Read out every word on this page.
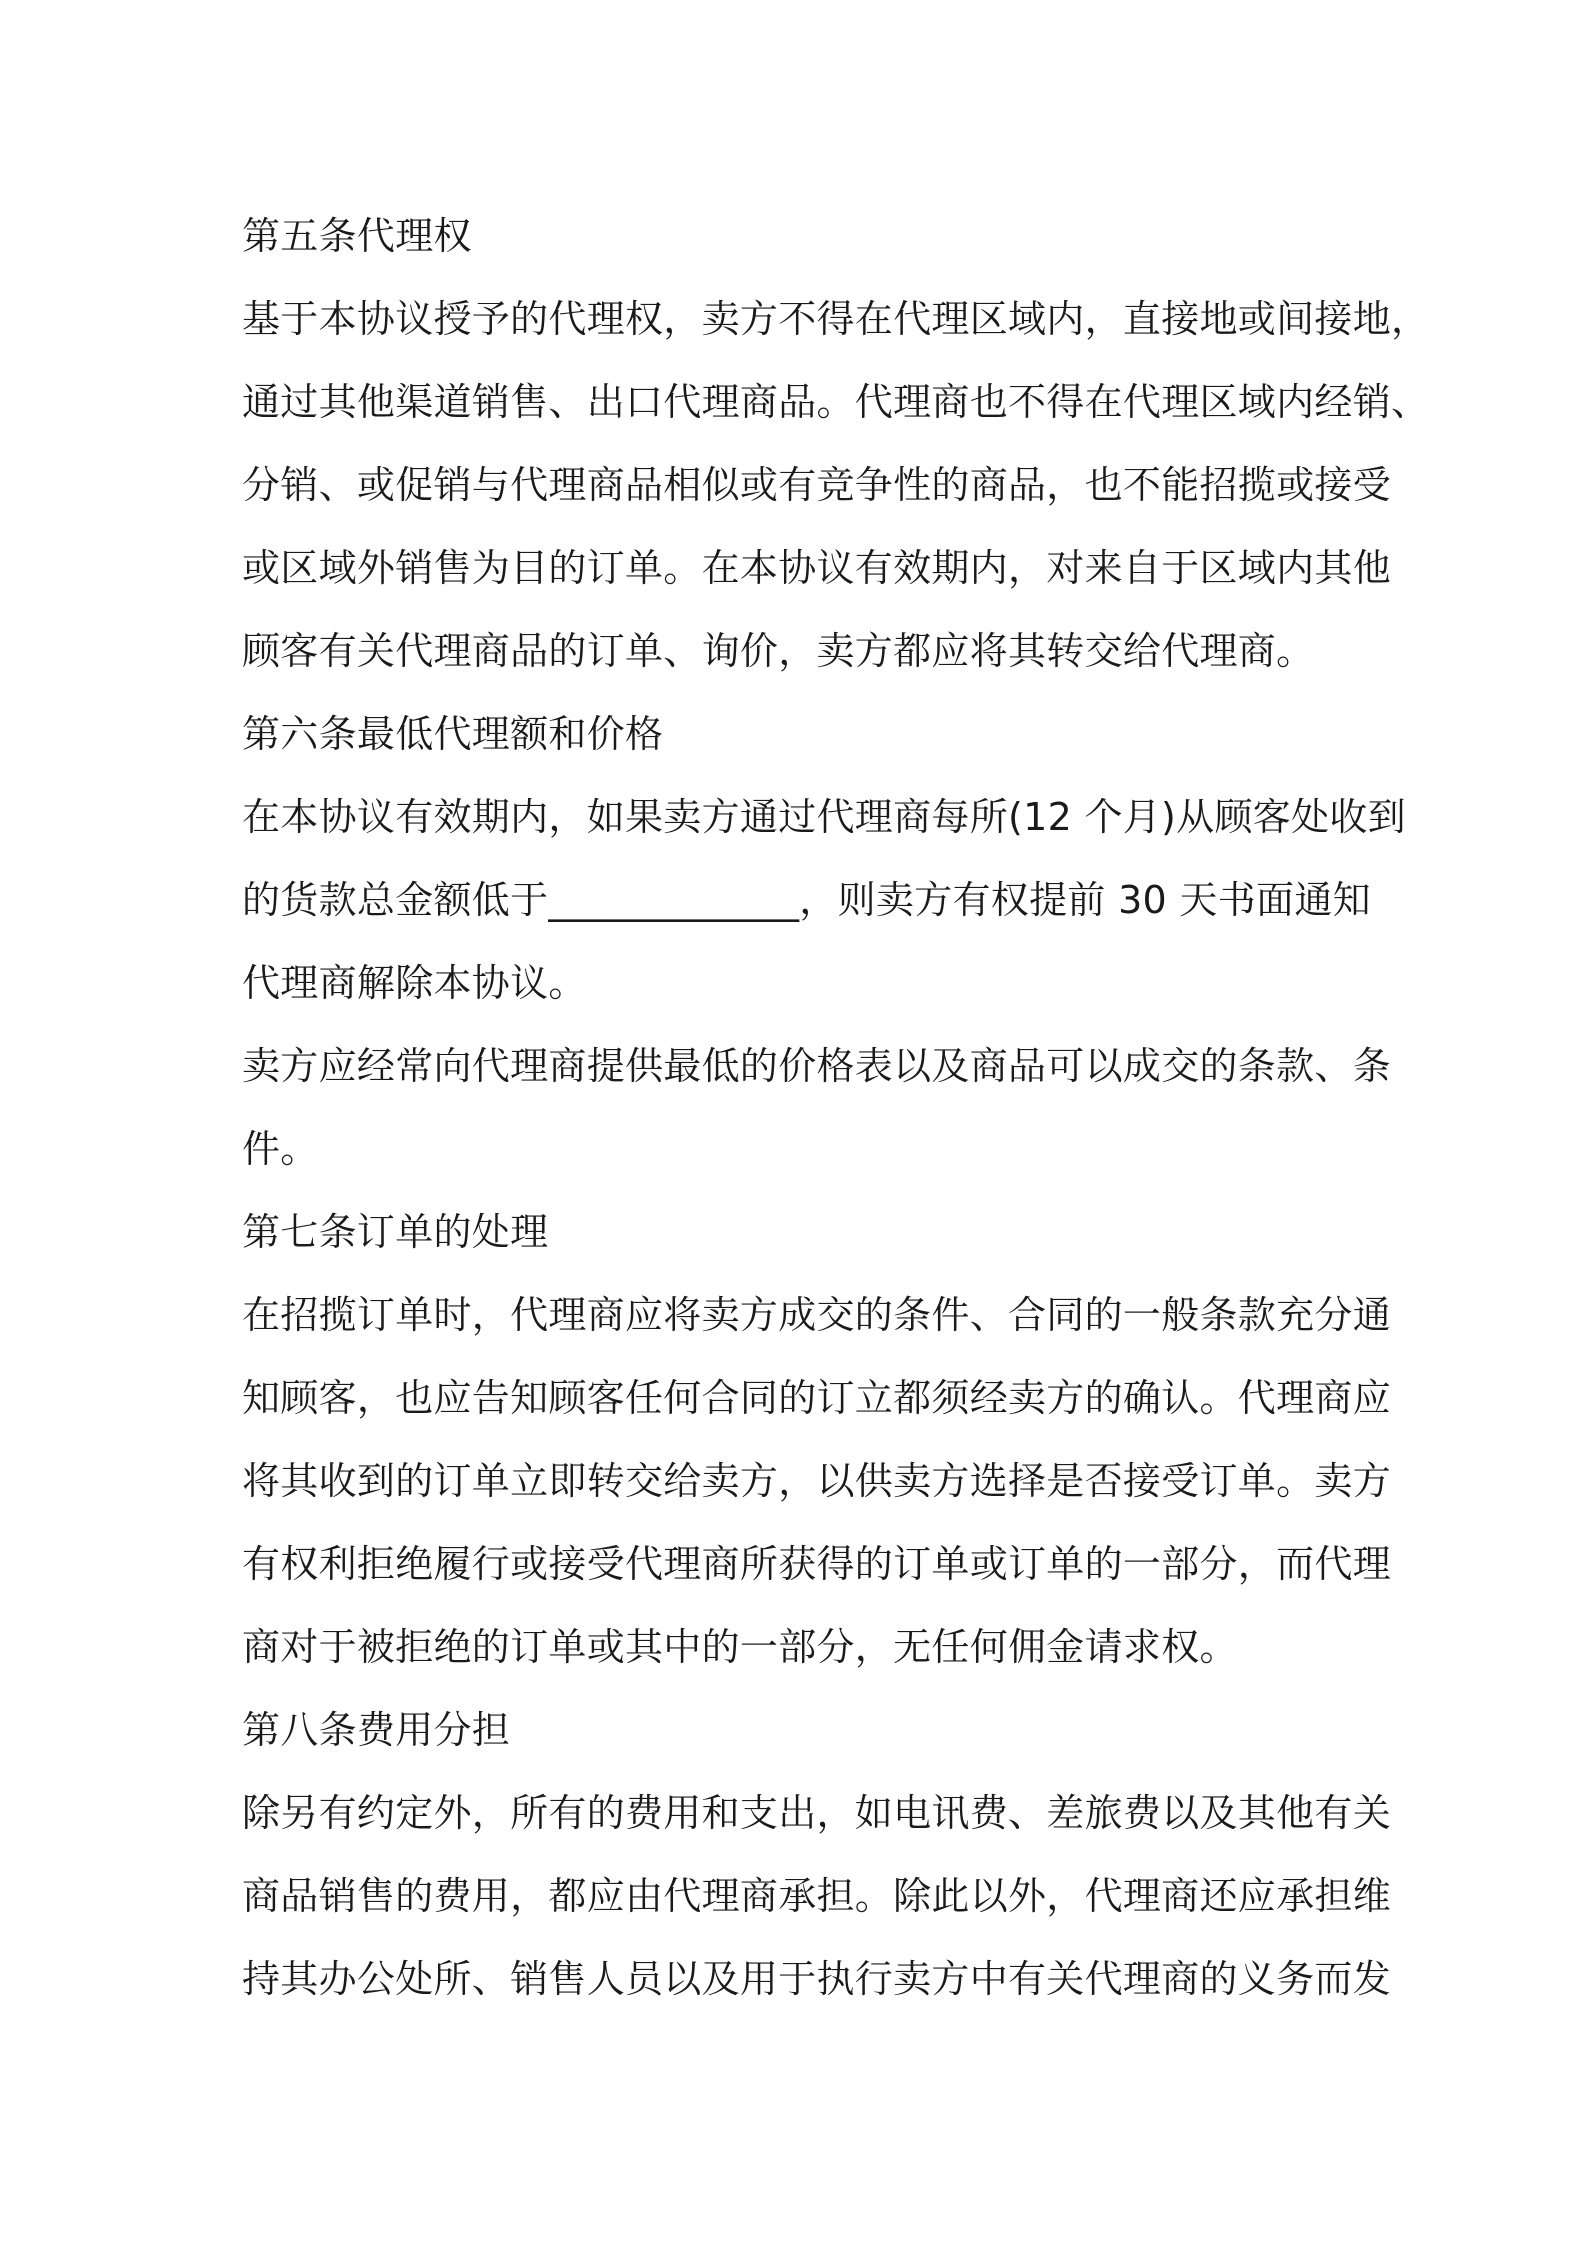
第五条代理权
基于本协议授予的代理权，卖方不得在代理区域内，直接地或间接地，
通过其他渠道销售、出口代理商品。代理商也不得在代理区域内经销、
分销、或促销与代理商品相似或有竞争性的商品，也不能招揽或接受
或区域外销售为目的订单。在本协议有效期内，对来自于区域内其他
顾客有关代理商品的订单、询价，卖方都应将其转交给代理商。
第六条最低代理额和价格
在本协议有效期内，如果卖方通过代理商每所(12 个月)从顾客处收到
的货款总金额低于_____________，则卖方有权提前 30 天书面通知
代理商解除本协议。
卖方应经常向代理商提供最低的价格表以及商品可以成交的条款、条
件。
第七条订单的处理
在招揽订单时，代理商应将卖方成交的条件、合同的一般条款充分通
知顾客，也应告知顾客任何合同的订立都须经卖方的确认。代理商应
将其收到的订单立即转交给卖方，以供卖方选择是否接受订单。卖方
有权利拒绝履行或接受代理商所获得的订单或订单的一部分，而代理
商对于被拒绝的订单或其中的一部分，无任何佣金请求权。
第八条费用分担
除另有约定外，所有的费用和支出，如电讯费、差旅费以及其他有关
商品销售的费用，都应由代理商承担。除此以外，代理商还应承担维
持其办公处所、销售人员以及用于执行卖方中有关代理商的义务而发
